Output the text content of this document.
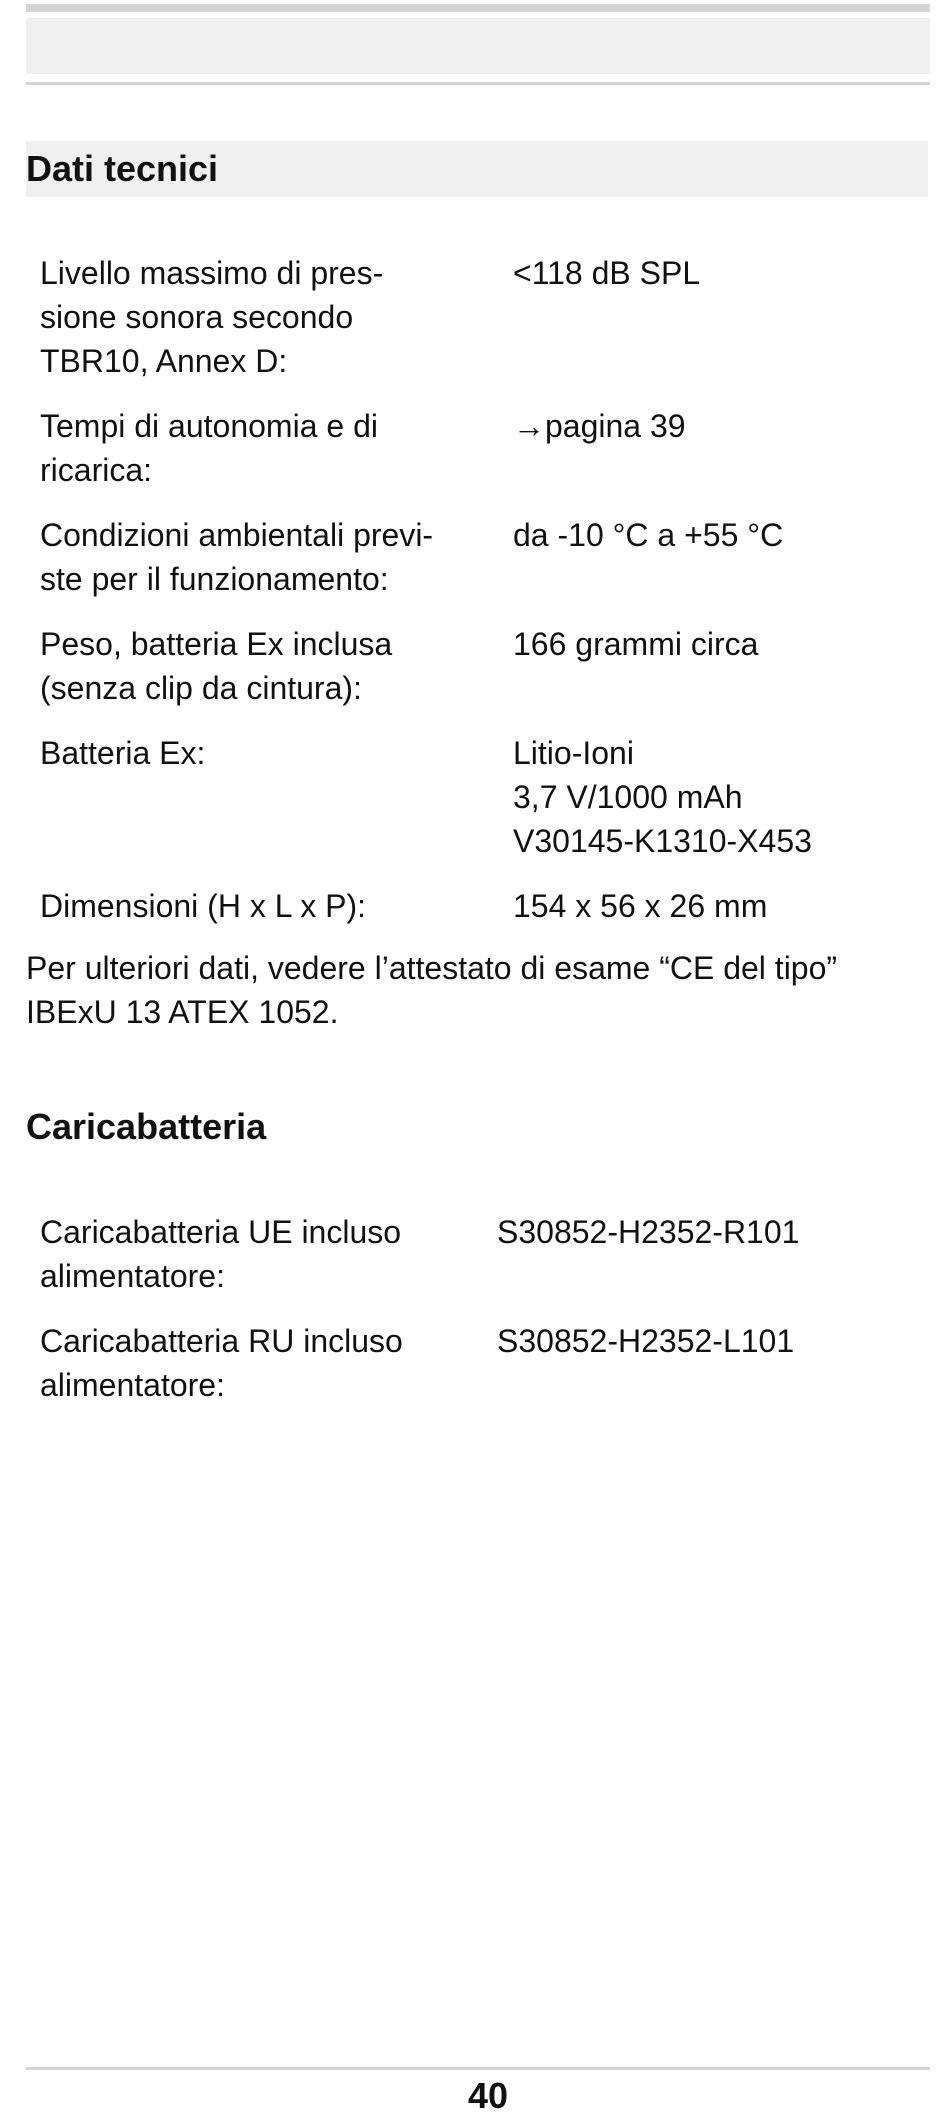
Dati tecnici
Livello massimo di pres-
sione sonora secondo
TBR10, Annex D:
<118 dB SPL
Tempi di autonomia e di
ricarica:
→pagina 39
Condizioni ambientali previ-
ste per il funzionamento:
da -10 °C a +55 °C
Peso, batteria Ex inclusa
(senza clip da cintura):
166 grammi circa
Batteria Ex:	Litio-Ioni
3,7 V/1000 mAh
V30145-K1310-X453
Dimensioni (H x L x P):	154 x 56 x 26 mm
Per ulteriori dati, vedere l’attestato di esame “CE del tipo”
IBExU 13 ATEX 1052.
Caricabatteria
Caricabatteria UE incluso
alimentatore:
S30852-H2352-R101
Caricabatteria RU incluso
alimentatore:
S30852-H2352-L101
40
